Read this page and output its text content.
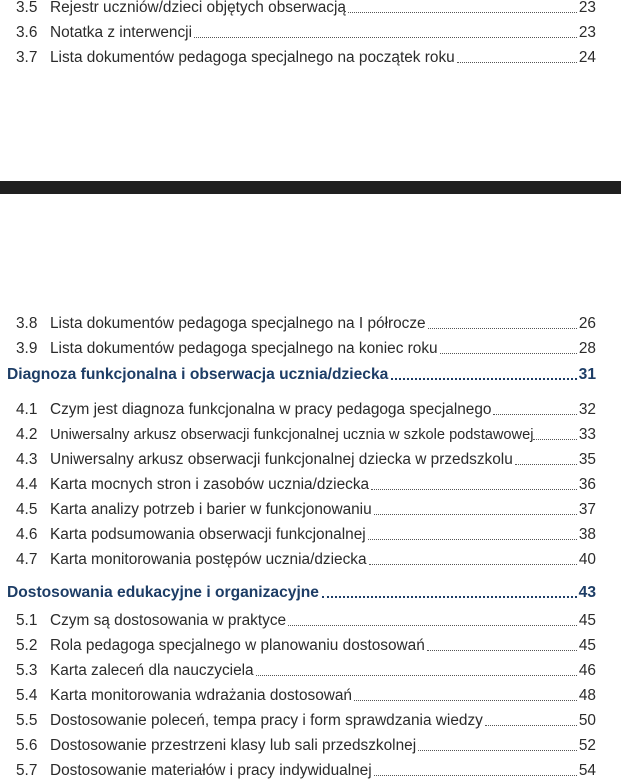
3.5 Rejestr uczniów/dzieci objętych obserwacją	23
3.6 Notatka z interwencji	23
3.7 Lista dokumentów pedagoga specjalnego na początek roku	24
3.8 Lista dokumentów pedagoga specjalnego na I półrocze	26
3.9 Lista dokumentów pedagoga specjalnego na koniec roku	28
Diagnoza funkcjonalna i obserwacja ucznia/dziecka	31
4.1 Czym jest diagnoza funkcjonalna w pracy pedagoga specjalnego	32
4.2 Uniwersalny arkusz obserwacji funkcjonalnej ucznia w szkole podstawowej	33
4.3 Uniwersalny arkusz obserwacji funkcjonalnej dziecka w przedszkolu	35
4.4 Karta mocnych stron i zasobów ucznia/dziecka	36
4.5 Karta analizy potrzeb i barier w funkcjonowaniu	37
4.6 Karta podsumowania obserwacji funkcjonalnej	38
4.7 Karta monitorowania postępów ucznia/dziecka	40
Dostosowania edukacyjne i organizacyjne	43
5.1 Czym są dostosowania w praktyce	45
5.2 Rola pedagoga specjalnego w planowaniu dostosowań	45
5.3 Karta zaleceń dla nauczyciela	46
5.4 Karta monitorowania wdrażania dostosowań	48
5.5 Dostosowanie poleceń, tempa pracy i form sprawdzania wiedzy	50
5.6 Dostosowanie przestrzeni klasy lub sali przedszkolnej	52
5.7 Dostosowanie materiałów i pracy indywidualnej	54
